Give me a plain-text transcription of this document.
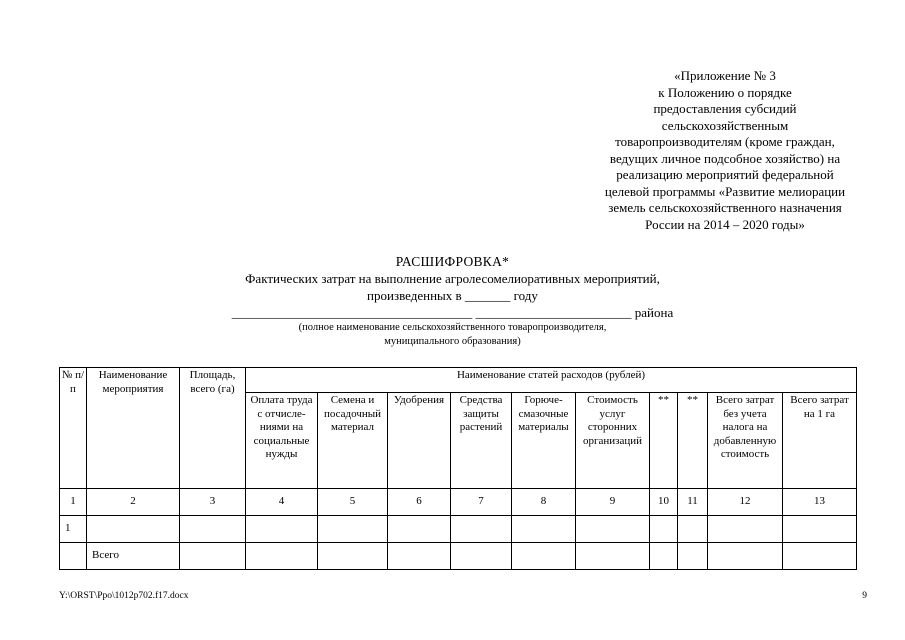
«Приложение № 3
к Положению о порядке
предоставления субсидий
сельскохозяйственным
товаропроизводителям (кроме граждан,
ведущих личное подсобное хозяйство) на
реализацию мероприятий федеральной
целевой программы «Развитие мелиорации
земель сельскохозяйственного назначения
России на 2014 – 2020 годы»
РАСШИФРОВКА*
Фактических затрат на выполнение агролесомелиоративных мероприятий,
произведенных в _______ году
_____________________________________ ________________________ района
(полное наименование сельскохозяйственного товаропроизводителя,
муниципального образования)
№ п/п	Наименование мероприятия	Площадь, всего (га)	Наименование статей расходов (рублей)									
			Оплата труда с отчисле-ниями на социальные нужды	Семена и посадочный материал	Удобрения	Средства защиты растений	Горюче-смазочные материалы	Стоимость услуг сторонних организаций	**	**	Всего затрат без учета налога на добавленную стоимость	Всего затрат на 1 га
1	2	3	4	5	6	7	8	9	10	11	12	13
1												
	Всего											
Y:\ORST\Ppo\1012p702.f17.docx	9
